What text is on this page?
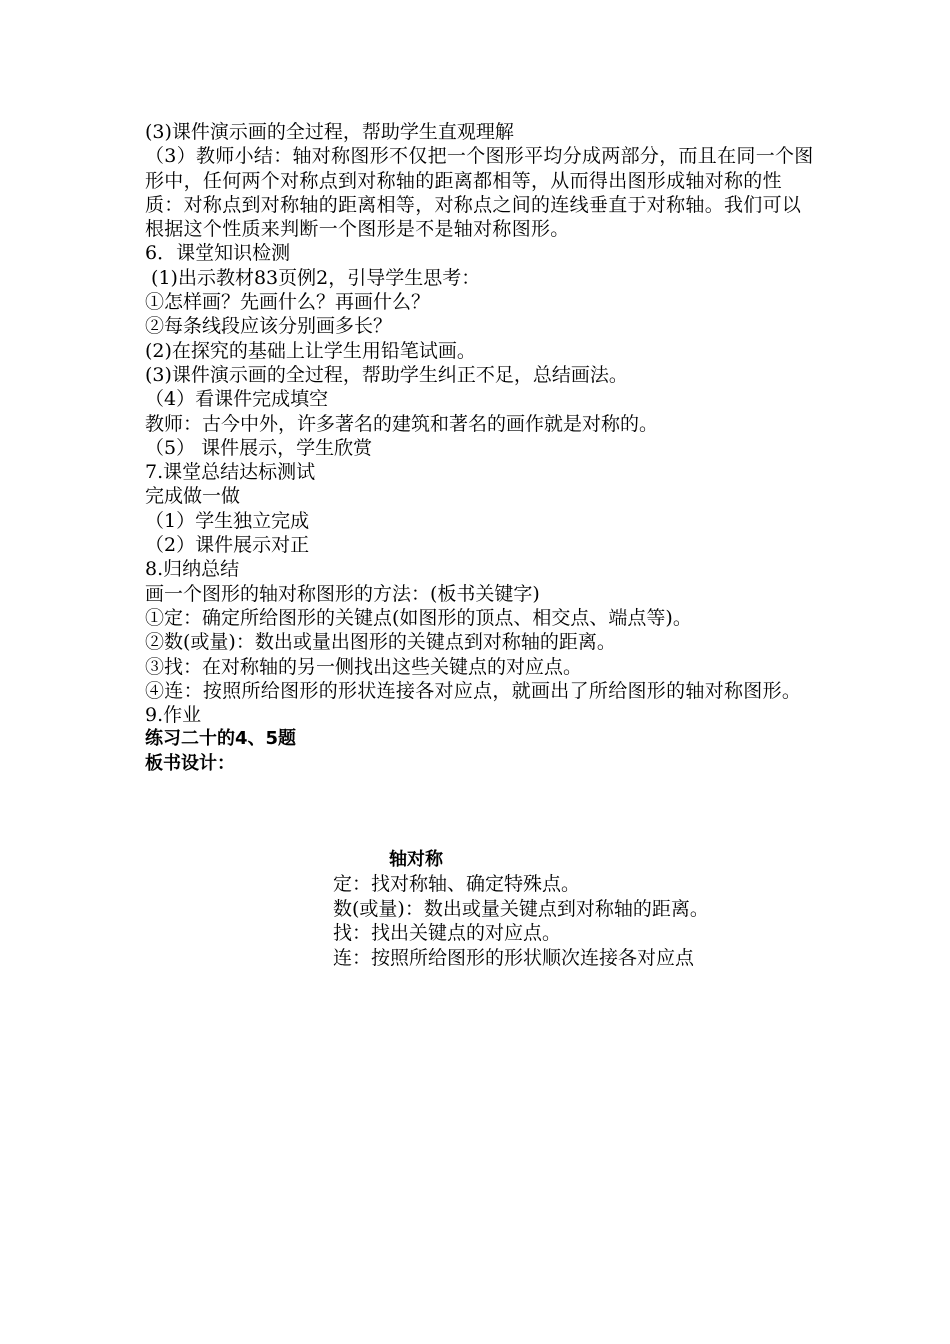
(3)课件演示画的全过程，帮助学生直观理解

（3）教师小结：轴对称图形不仅把一个图形平均分成两部分，而且在同一个图形中，任何两个对称点到对称轴的距离都相等，从而得出图形成轴对称的性质：对称点到对称轴的距离相等，对称点之间的连线垂直于对称轴。我们可以根据这个性质来判断一个图形是不是轴对称图形。

6．课堂知识检测

(1)出示教材83页例2，引导学生思考：

①怎样画？先画什么？再画什么？

②每条线段应该分别画多长？

(2)在探究的基础上让学生用铅笔试画。

(3)课件演示画的全过程，帮助学生纠正不足，总结画法。

（4）看课件完成填空

教师：古今中外，许多著名的建筑和著名的画作就是对称的。

（5） 课件展示，学生欣赏

7.课堂总结达标测试

完成做一做

（1）学生独立完成

（2）课件展示对正

8.归纳总结

画一个图形的轴对称图形的方法：(板书关键字)

①定：确定所给图形的关键点(如图形的顶点、相交点、端点等)。

②数(或量)：数出或量出图形的关键点到对称轴的距离。

③找：在对称轴的另一侧找出这些关键点的对应点。

④连：按照所给图形的形状连接各对应点，就画出了所给图形的轴对称图形。

9.作业

练习二十的4、5题

板书设计：

轴对称

定：找对称轴、确定特殊点。

数(或量)：数出或量关键点到对称轴的距离。

找：找出关键点的对应点。

连：按照所给图形的形状顺次连接各对应点
